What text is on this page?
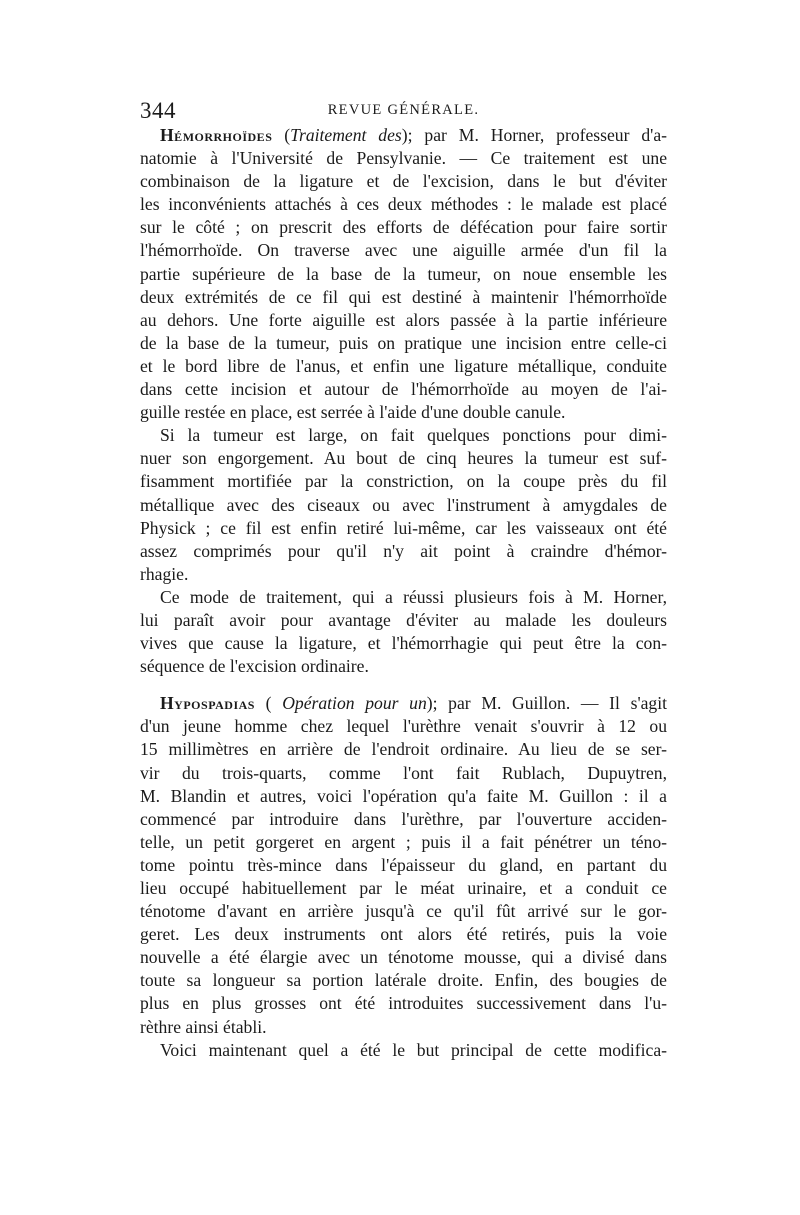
344	REVUE GÉNÉRALE.
Hémorrhoïdes (Traitement des); par M. Horner, professeur d'a-
natomie à l'Université de Pensylvanie. — Ce traitement est une
combinaison de la ligature et de l'excision, dans le but d'éviter
les inconvénients attachés à ces deux méthodes : le malade est placé
sur le côté ; on prescrit des efforts de défécation pour faire sortir
l'hémorrhoïde. On traverse avec une aiguille armée d'un fil la
partie supérieure de la base de la tumeur, on noue ensemble les
deux extrémités de ce fil qui est destiné à maintenir l'hémorrhoïde
au dehors. Une forte aiguille est alors passée à la partie inférieure
de la base de la tumeur, puis on pratique une incision entre celle-ci
et le bord libre de l'anus, et enfin une ligature métallique, conduite
dans cette incision et autour de l'hémorrhoïde au moyen de l'ai-
guille restée en place, est serrée à l'aide d'une double canule.
Si la tumeur est large, on fait quelques ponctions pour dimi-
nuer son engorgement. Au bout de cinq heures la tumeur est suf-
fisamment mortifiée par la constriction, on la coupe près du fil
métallique avec des ciseaux ou avec l'instrument à amygdales de
Physick ; ce fil est enfin retiré lui-même, car les vaisseaux ont été
assez comprimés pour qu'il n'y ait point à craindre d'hémor-
rhagie.
Ce mode de traitement, qui a réussi plusieurs fois à M. Horner,
lui paraît avoir pour avantage d'éviter au malade les douleurs
vives que cause la ligature, et l'hémorrhagie qui peut être la con-
séquence de l'excision ordinaire.
Hypospadias ( Opération pour un); par M. Guillon. — Il s'agit
d'un jeune homme chez lequel l'urèthre venait s'ouvrir à 12 ou
15 millimètres en arrière de l'endroit ordinaire. Au lieu de se ser-
vir du trois-quarts, comme l'ont fait Rublach, Dupuytren,
M. Blandin et autres, voici l'opération qu'a faite M. Guillon : il a
commencé par introduire dans l'urèthre, par l'ouverture acciden-
telle, un petit gorgeret en argent ; puis il a fait pénétrer un téno-
tome pointu très-mince dans l'épaisseur du gland, en partant du
lieu occupé habituellement par le méat urinaire, et a conduit ce
ténotome d'avant en arrière jusqu'à ce qu'il fût arrivé sur le gor-
geret. Les deux instruments ont alors été retirés, puis la voie
nouvelle a été élargie avec un ténotome mousse, qui a divisé dans
toute sa longueur sa portion latérale droite. Enfin, des bougies de
plus en plus grosses ont été introduites successivement dans l'u-
rèthre ainsi établi.
Voici maintenant quel a été le but principal de cette modifica-
